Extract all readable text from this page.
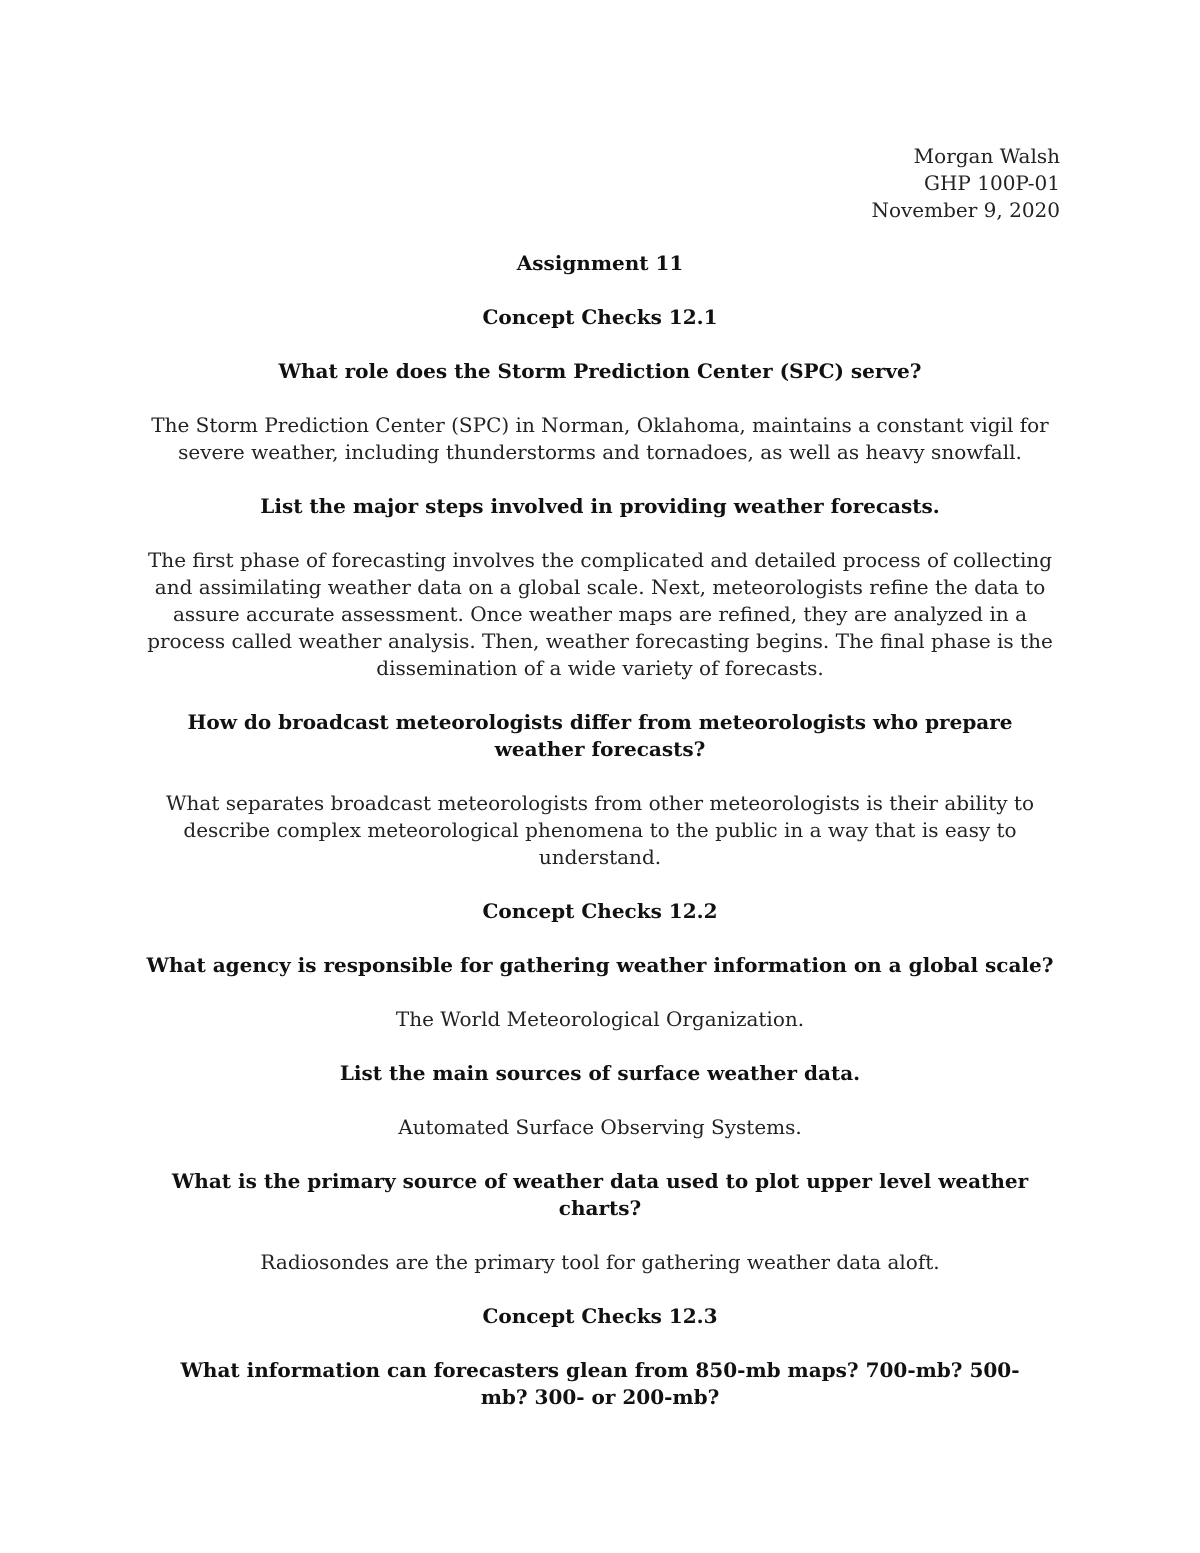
Morgan Walsh
GHP 100P-01
November 9, 2020
Assignment 11
Concept Checks 12.1
What role does the Storm Prediction Center (SPC) serve?
The Storm Prediction Center (SPC) in Norman, Oklahoma, maintains a constant vigil for severe weather, including thunderstorms and tornadoes, as well as heavy snowfall.
List the major steps involved in providing weather forecasts.
The first phase of forecasting involves the complicated and detailed process of collecting and assimilating weather data on a global scale. Next, meteorologists refine the data to assure accurate assessment. Once weather maps are refined, they are analyzed in a process called weather analysis. Then, weather forecasting begins. The final phase is the dissemination of a wide variety of forecasts.
How do broadcast meteorologists differ from meteorologists who prepare weather forecasts?
What separates broadcast meteorologists from other meteorologists is their ability to describe complex meteorological phenomena to the public in a way that is easy to understand.
Concept Checks 12.2
What agency is responsible for gathering weather information on a global scale?
The World Meteorological Organization.
List the main sources of surface weather data.
Automated Surface Observing Systems.
What is the primary source of weather data used to plot upper level weather charts?
Radiosondes are the primary tool for gathering weather data aloft.
Concept Checks 12.3
What information can forecasters glean from 850-mb maps? 700-mb? 500-mb? 300- or 200-mb?
